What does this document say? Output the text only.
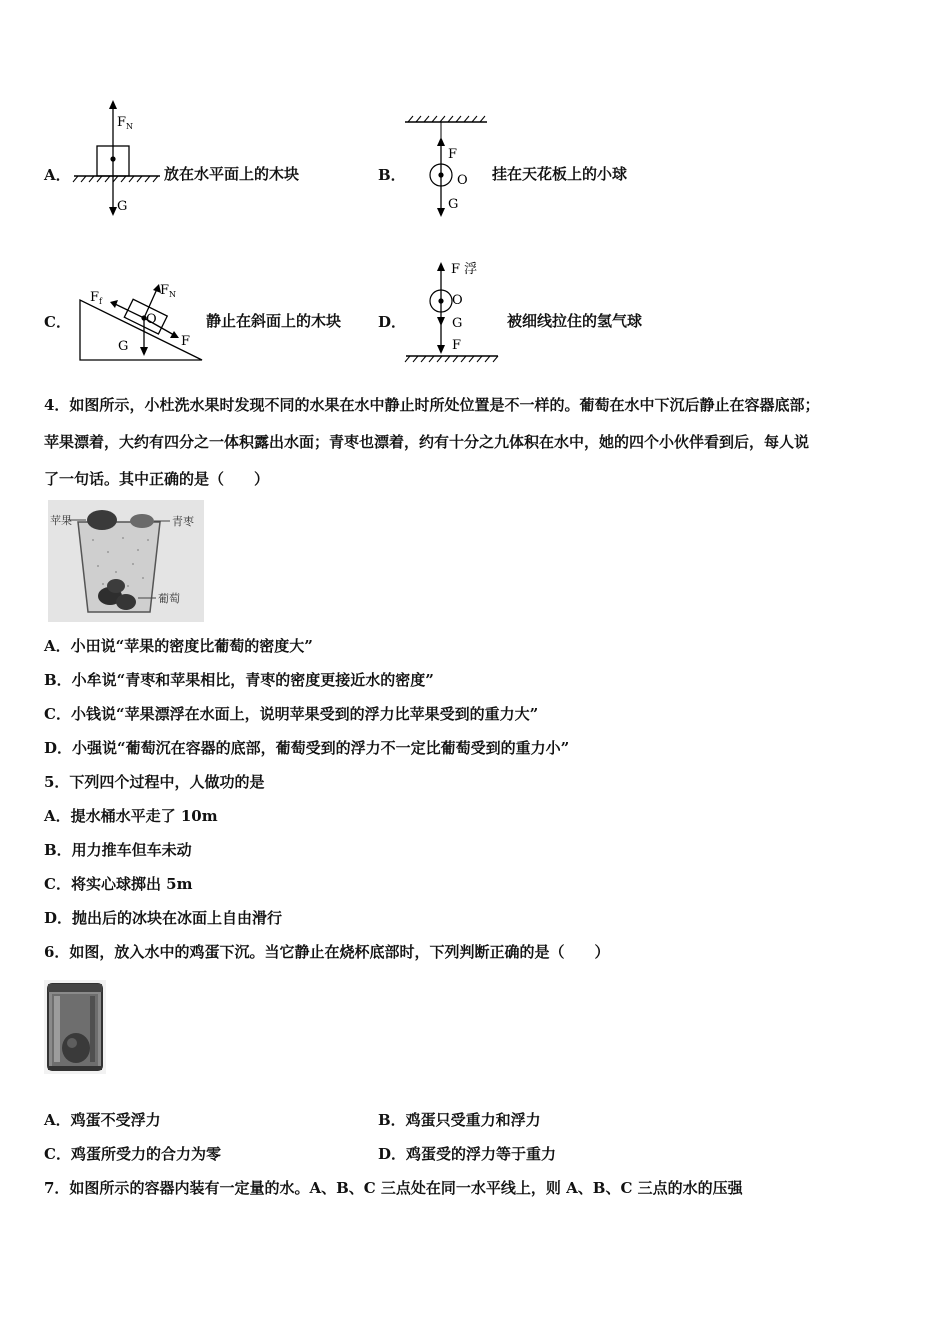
A．
F N
G
放在水平面上的木块	B．
F
O
G
挂在天花板上的小球
C．
F f
F N
O
G	F
静止在斜面上的木块 D．
F 浮
O
G
F
被细线拉住的氢气球
4．如图所示，小杜洗水果时发现不同的水果在水中静止时所处位置是不一样的。葡萄在水中下沉后静止在容器底部；
苹果漂着，大约有四分之一体积露出水面；青枣也漂着，约有十分之九体积在水中，她的四个小伙伴看到后，每人说
了一句话。其中正确的是（　　）
苹果	青枣
葡萄
A．小田说“苹果的密度比葡萄的密度大”
B．小牟说“青枣和苹果相比，青枣的密度更接近水的密度”
C．小钱说“苹果漂浮在水面上，说明苹果受到的浮力比苹果受到的重力大”
D．小强说“葡萄沉在容器的底部，葡萄受到的浮力不一定比葡萄受到的重力小”
5．下列四个过程中，人做功的是
A．提水桶水平走了 10m
B．用力推车但车未动
C．将实心球掷出 5m
D．抛出后的冰块在冰面上自由滑行
6．如图，放入水中的鸡蛋下沉。当它静止在烧杯底部时，下列判断正确的是（　　）
A．鸡蛋不受浮力	B．鸡蛋只受重力和浮力
C．鸡蛋所受力的合力为零	D．鸡蛋受的浮力等于重力
7．如图所示的容器内装有一定量的水。A、B、C 三点处在同一水平线上，则 A、B、C 三点的水的压强
